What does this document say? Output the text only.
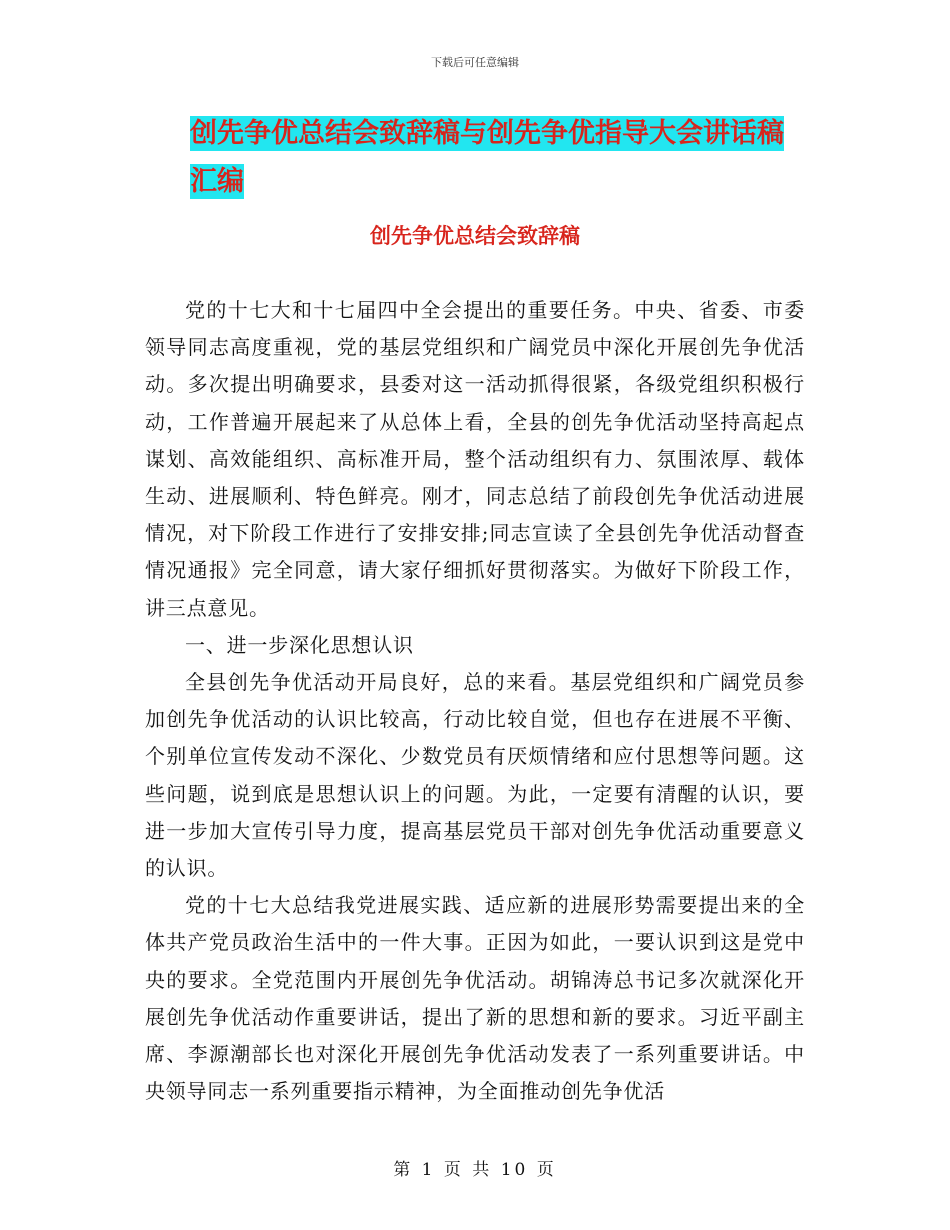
下载后可任意编辑
创先争优总结会致辞稿与创先争优指导大会讲话稿汇编
创先争优总结会致辞稿

党的十七大和十七届四中全会提出的重要任务。中央、省委、市委领导同志高度重视，党的基层党组织和广阔党员中深化开展创先争优活动。多次提出明确要求，县委对这一活动抓得很紧，各级党组织积极行动，工作普遍开展起来了从总体上看，全县的创先争优活动坚持高起点谋划、高效能组织、高标准开局，整个活动组织有力、氛围浓厚、载体生动、进展顺利、特色鲜亮。刚才，同志总结了前段创先争优活动进展情况，对下阶段工作进行了安排安排;同志宣读了全县创先争优活动督查情况通报》完全同意，请大家仔细抓好贯彻落实。为做好下阶段工作，讲三点意见。

一、进一步深化思想认识

全县创先争优活动开局良好，总的来看。基层党组织和广阔党员参加创先争优活动的认识比较高，行动比较自觉，但也存在进展不平衡、个别单位宣传发动不深化、少数党员有厌烦情绪和应付思想等问题。这些问题，说到底是思想认识上的问题。为此，一定要有清醒的认识，要进一步加大宣传引导力度，提高基层党员干部对创先争优活动重要意义的认识。

党的十七大总结我党进展实践、适应新的进展形势需要提出来的全体共产党员政治生活中的一件大事。正因为如此，一要认识到这是党中央的要求。全党范围内开展创先争优活动。胡锦涛总书记多次就深化开展创先争优活动作重要讲话，提出了新的思想和新的要求。习近平副主席、李源潮部长也对深化开展创先争优活动发表了一系列重要讲话。中央领导同志一系列重要指示精神，为全面推动创先争优活

第 1 页 共 10 页
